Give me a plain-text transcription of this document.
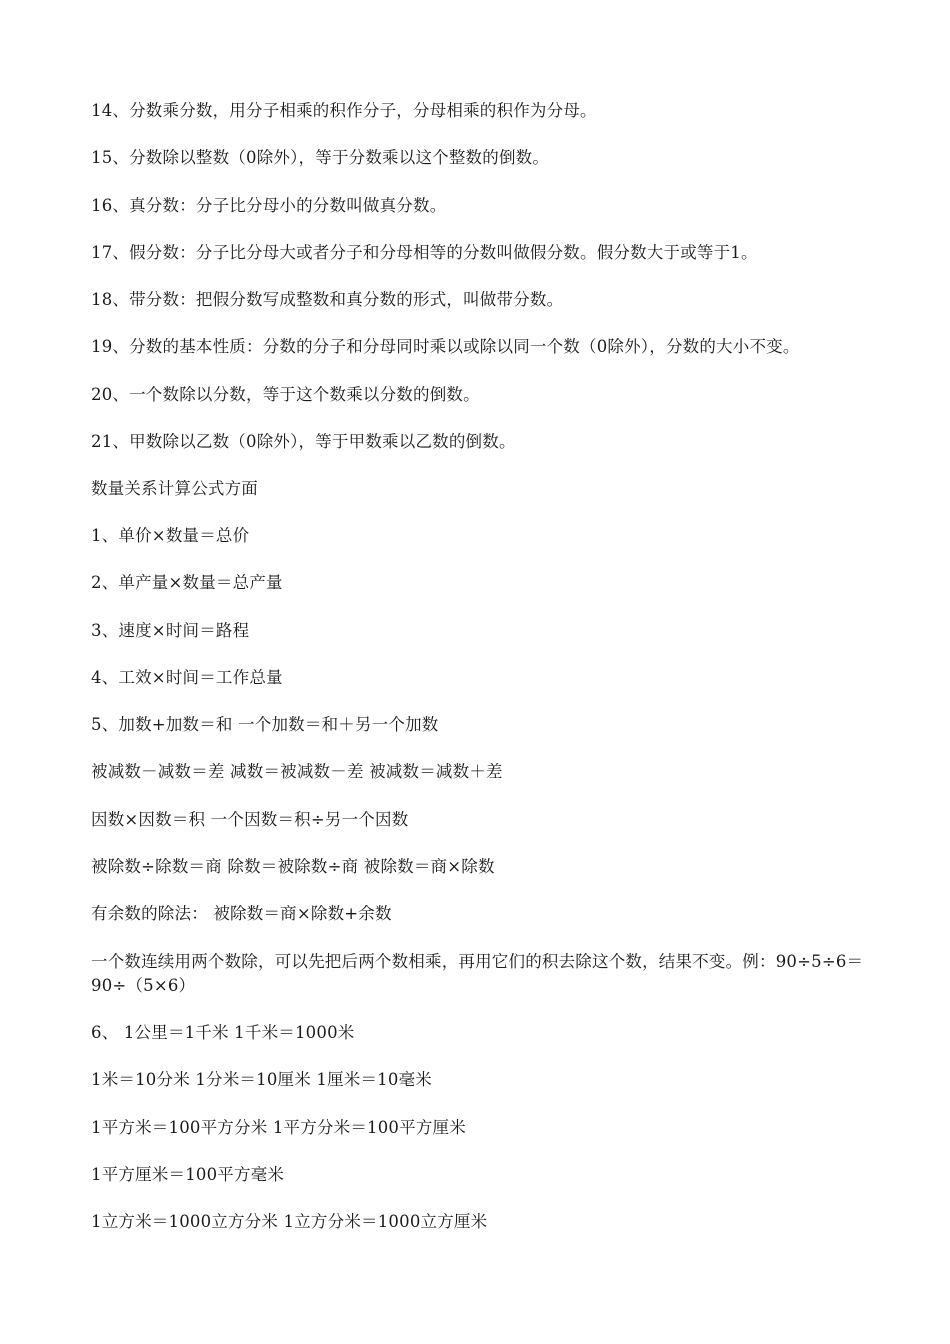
14、分数乘分数，用分子相乘的积作分子，分母相乘的积作为分母。
15、分数除以整数（0除外），等于分数乘以这个整数的倒数。
16、真分数：分子比分母小的分数叫做真分数。
17、假分数：分子比分母大或者分子和分母相等的分数叫做假分数。假分数大于或等于1。
18、带分数：把假分数写成整数和真分数的形式，叫做带分数。
19、分数的基本性质：分数的分子和分母同时乘以或除以同一个数（0除外），分数的大小不变。
20、一个数除以分数，等于这个数乘以分数的倒数。
21、甲数除以乙数（0除外），等于甲数乘以乙数的倒数。
数量关系计算公式方面
1、单价×数量＝总价
2、单产量×数量＝总产量
3、速度×时间＝路程
4、工效×时间＝工作总量
5、加数+加数＝和 一个加数＝和＋另一个加数
被减数－减数＝差 减数＝被减数－差 被减数＝减数＋差
因数×因数＝积 一个因数＝积÷另一个因数
被除数÷除数＝商 除数＝被除数÷商 被除数＝商×除数
有余数的除法： 被除数＝商×除数+余数
一个数连续用两个数除，可以先把后两个数相乘，再用它们的积去除这个数，结果不变。例：90÷5÷6＝90÷（5×6）
6、 1公里＝1千米 1千米＝1000米
1米＝10分米 1分米＝10厘米 1厘米＝10毫米
1平方米＝100平方分米 1平方分米＝100平方厘米
1平方厘米＝100平方毫米
1立方米＝1000立方分米 1立方分米＝1000立方厘米
